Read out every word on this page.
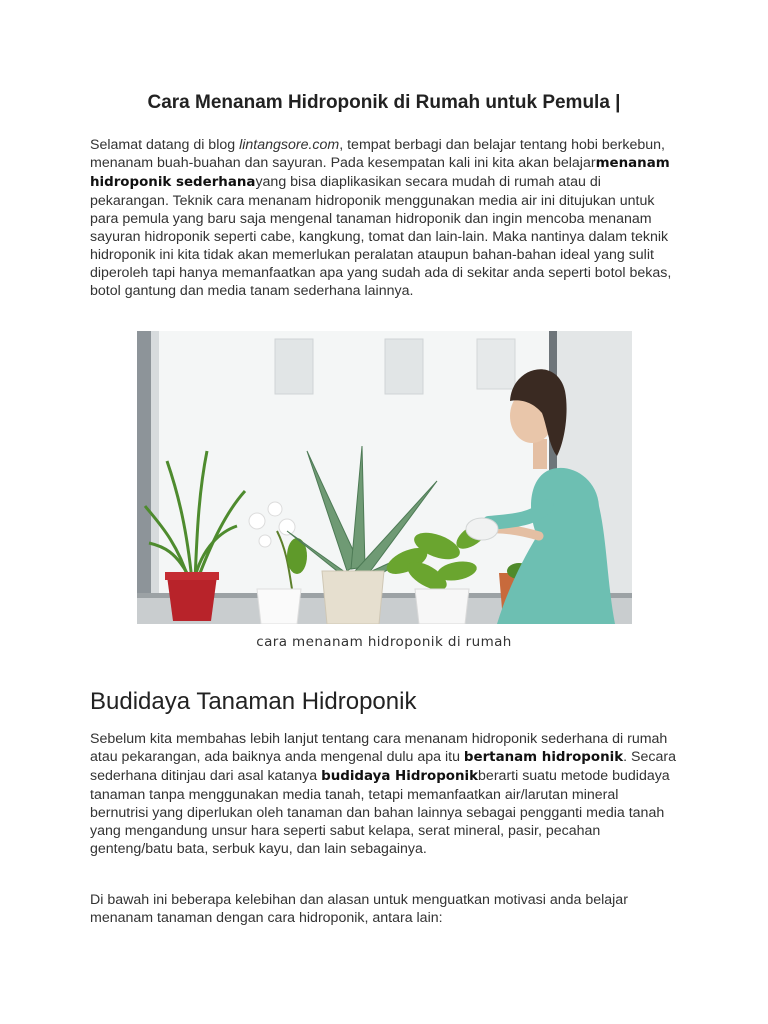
Cara Menanam Hidroponik di Rumah untuk Pemula |

Selamat datang di blog lintangsore.com, tempat berbagi dan belajar tentang hobi berkebun, menanam buah-buahan dan sayuran. Pada kesempatan kali ini kita akan belajarmenanam hidroponik sederhanayang bisa diaplikasikan secara mudah di rumah atau di pekarangan. Teknik cara menanam hidroponik menggunakan media air ini ditujukan untuk para pemula yang baru saja mengenal tanaman hidroponik dan ingin mencoba menanam sayuran hidroponik seperti cabe, kangkung, tomat dan lain-lain. Maka nantinya dalam teknik hidroponik ini kita tidak akan memerlukan peralatan ataupun bahan-bahan ideal yang sulit diperoleh tapi hanya memanfaatkan apa yang sudah ada di sekitar anda seperti botol bekas, botol gantung dan media tanam sederhana lainnya.

cara menanam hidroponik di rumah
Budidaya Tanaman Hidroponik

Sebelum kita membahas lebih lanjut tentang cara menanam hidroponik sederhana di rumah atau pekarangan, ada baiknya anda mengenal dulu apa itu bertanam hidroponik. Secara sederhana ditinjau dari asal katanya budidaya Hidroponikberarti suatu metode budidaya tanaman tanpa menggunakan media tanah, tetapi memanfaatkan air/larutan mineral bernutrisi yang diperlukan oleh tanaman dan bahan lainnya sebagai pengganti media tanah yang mengandung unsur hara seperti sabut kelapa, serat mineral, pasir, pecahan genteng/batu bata, serbuk kayu, dan lain sebagainya.

Di bawah ini beberapa kelebihan dan alasan untuk menguatkan motivasi anda belajar menanam tanaman dengan cara hidroponik, antara lain:
